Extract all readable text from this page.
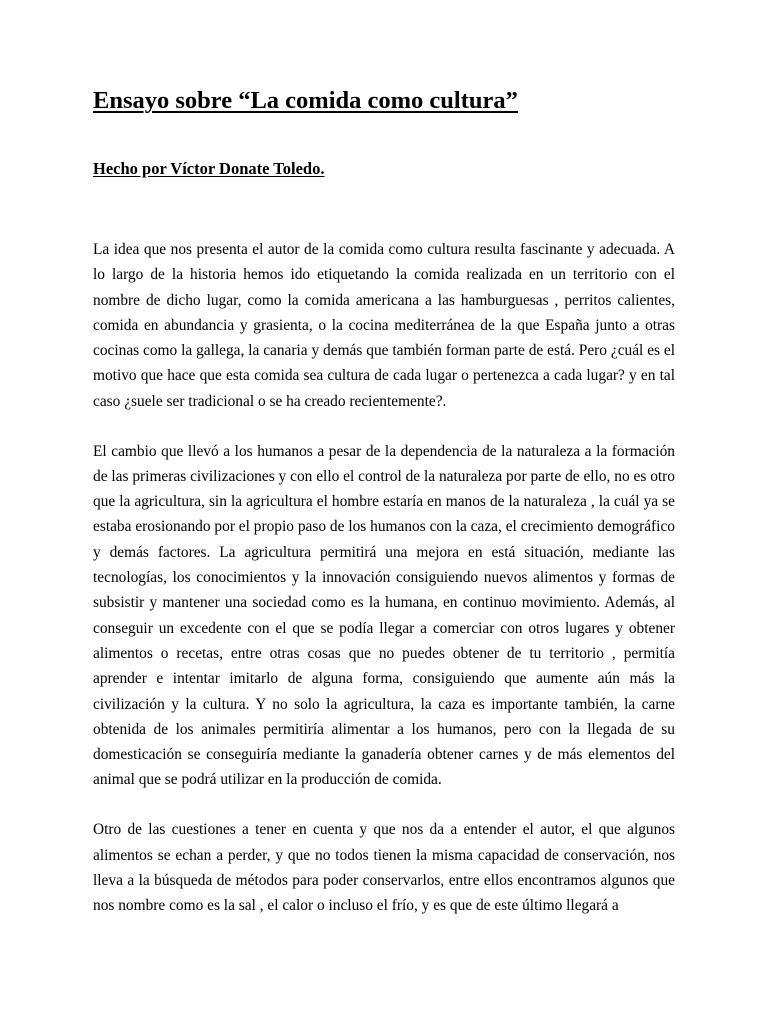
Ensayo sobre “La comida como cultura”
Hecho por Víctor Donate Toledo.

La idea que nos presenta el autor de la comida como cultura resulta fascinante y adecuada. A lo largo de la historia hemos ido etiquetando la comida realizada en un territorio con el nombre de dicho lugar, como la comida americana a las hamburguesas , perritos calientes, comida en abundancia y grasienta, o la cocina mediterránea de la que España junto a otras cocinas como la gallega, la canaria y demás que también forman parte de está. Pero ¿cuál es el motivo que hace que esta comida sea cultura de cada lugar o pertenezca a cada lugar? y en tal caso ¿suele ser tradicional o se ha creado recientemente?.

El cambio que llevó a los humanos a pesar de la dependencia de la naturaleza a la formación de las primeras civilizaciones y con ello el control de la naturaleza por parte de ello, no es otro que la agricultura, sin la agricultura el hombre estaría en manos de la naturaleza , la cuál ya se estaba erosionando por el propio paso de los humanos con la caza, el crecimiento demográfico y demás factores. La agricultura permitirá una mejora en está situación, mediante las tecnologías, los conocimientos y la innovación consiguiendo nuevos alimentos y formas de subsistir y mantener una sociedad como es la humana, en continuo movimiento. Además, al conseguir un excedente con el que se podía llegar a comerciar con otros lugares y obtener alimentos o recetas, entre otras cosas que no puedes obtener de tu territorio , permitía aprender e intentar imitarlo de alguna forma, consiguiendo que aumente aún más la civilización y la cultura. Y no solo la agricultura, la caza es importante también, la carne obtenida de los animales permitiría alimentar a los humanos, pero con la llegada de su domesticación se conseguiría mediante la ganadería obtener carnes y de más elementos del animal que se podrá utilizar en la producción de comida.

Otro de las cuestiones a tener en cuenta y que nos da a entender el autor, el que algunos alimentos se echan a perder, y que no todos tienen la misma capacidad de conservación, nos lleva a la búsqueda de métodos para poder conservarlos, entre ellos encontramos algunos que nos nombre como es la sal , el calor o incluso el frío, y es que de este último llegará a
